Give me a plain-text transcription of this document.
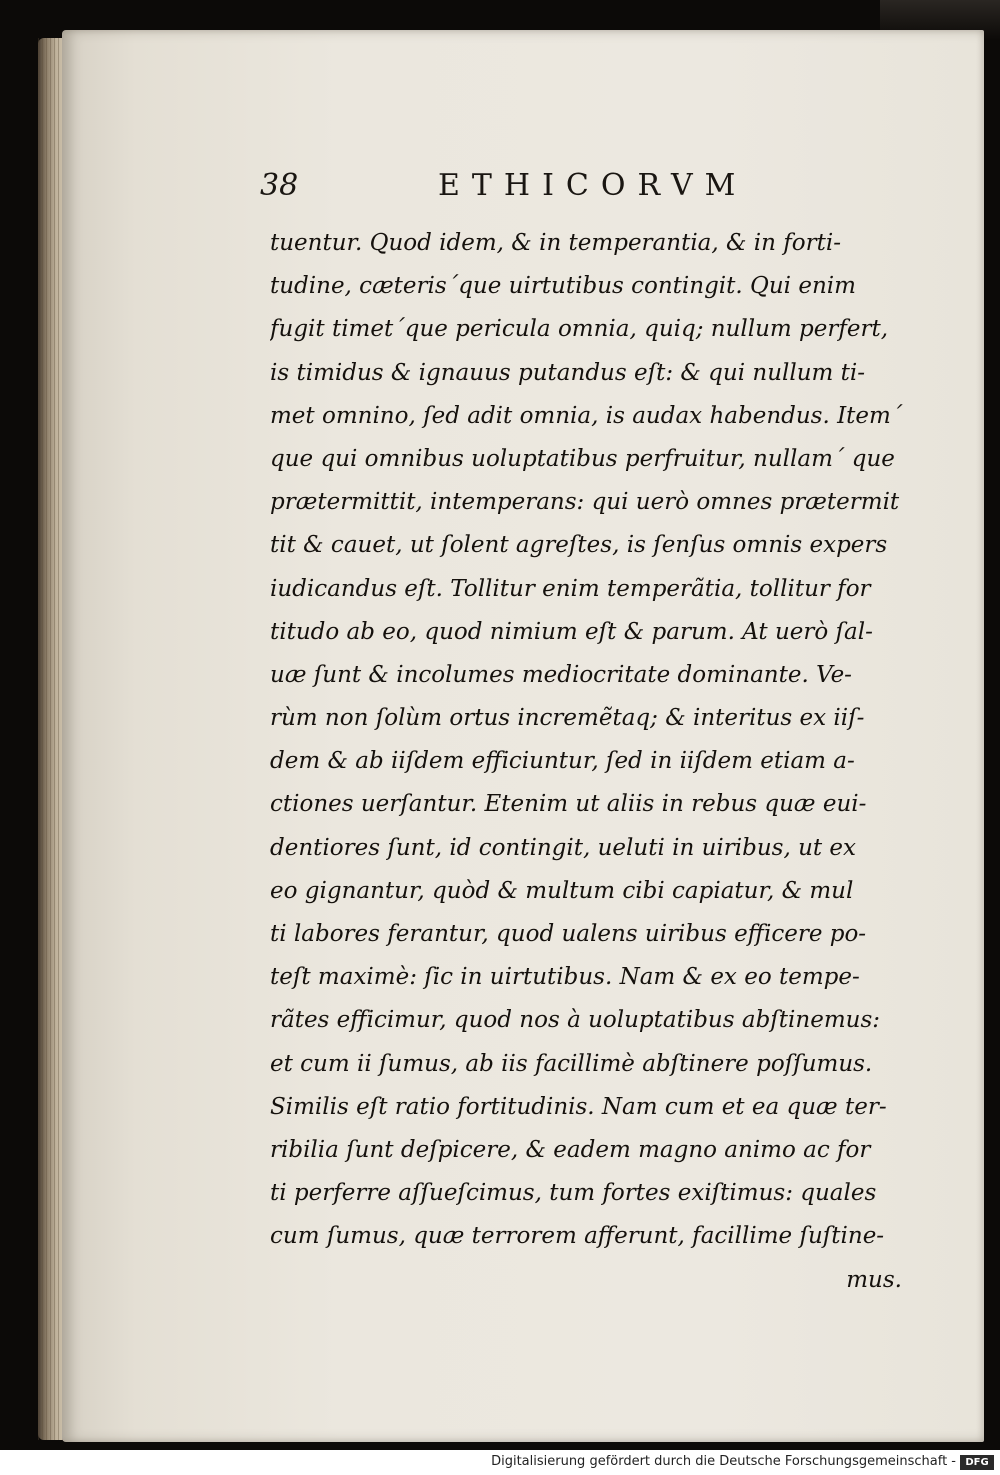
38	ETHICORVM
tuentur. Quod idem, & in temperantia, & in forti-
tudine, cæteris´que uirtutibus contingit. Qui enim
fugit timet´que pericula omnia, quiq; nullum perfert,
is timidus & ignauus putandus eſt: & qui nullum ti-
met omnino, ſed adit omnia, is audax habendus. Item´
que qui omnibus uoluptatibus perfruitur, nullam´ que
prætermittit, intemperans: qui uerò omnes prætermit
tit & cauet, ut ſolent agreſtes, is ſenſus omnis expers
iudicandus eſt. Tollitur enim temperãtia, tollitur for
titudo ab eo, quod nimium eſt & parum. At uerò ſal-
uæ ſunt & incolumes mediocritate dominante. Ve-
rùm non ſolùm ortus incremẽtaq; & interitus ex iiſ-
dem & ab iiſdem efficiuntur, ſed in iiſdem etiam a-
ctiones uerſantur. Etenim ut aliis in rebus quæ eui-
dentiores ſunt, id contingit, ueluti in uiribus, ut ex
eo gignantur, quòd & multum cibi capiatur, & mul
ti labores ferantur, quod ualens uiribus efficere po-
teſt maximè: ſic in uirtutibus. Nam & ex eo tempe-
rãtes efficimur, quod nos à uoluptatibus abſtinemus:
et cum ii ſumus, ab iis facillimè abſtinere poſſumus.
Similis eſt ratio fortitudinis. Nam cum et ea quæ ter-
ribilia ſunt deſpicere, & eadem magno animo ac for
ti perferre aſſueſcimus, tum fortes exiſtimus: quales
cum ſumus, quæ terrorem afferunt, facillime ſuſtine-
mus.
Digitalisierung gefördert durch die Deutsche Forschungsgemeinschaft - DFG
